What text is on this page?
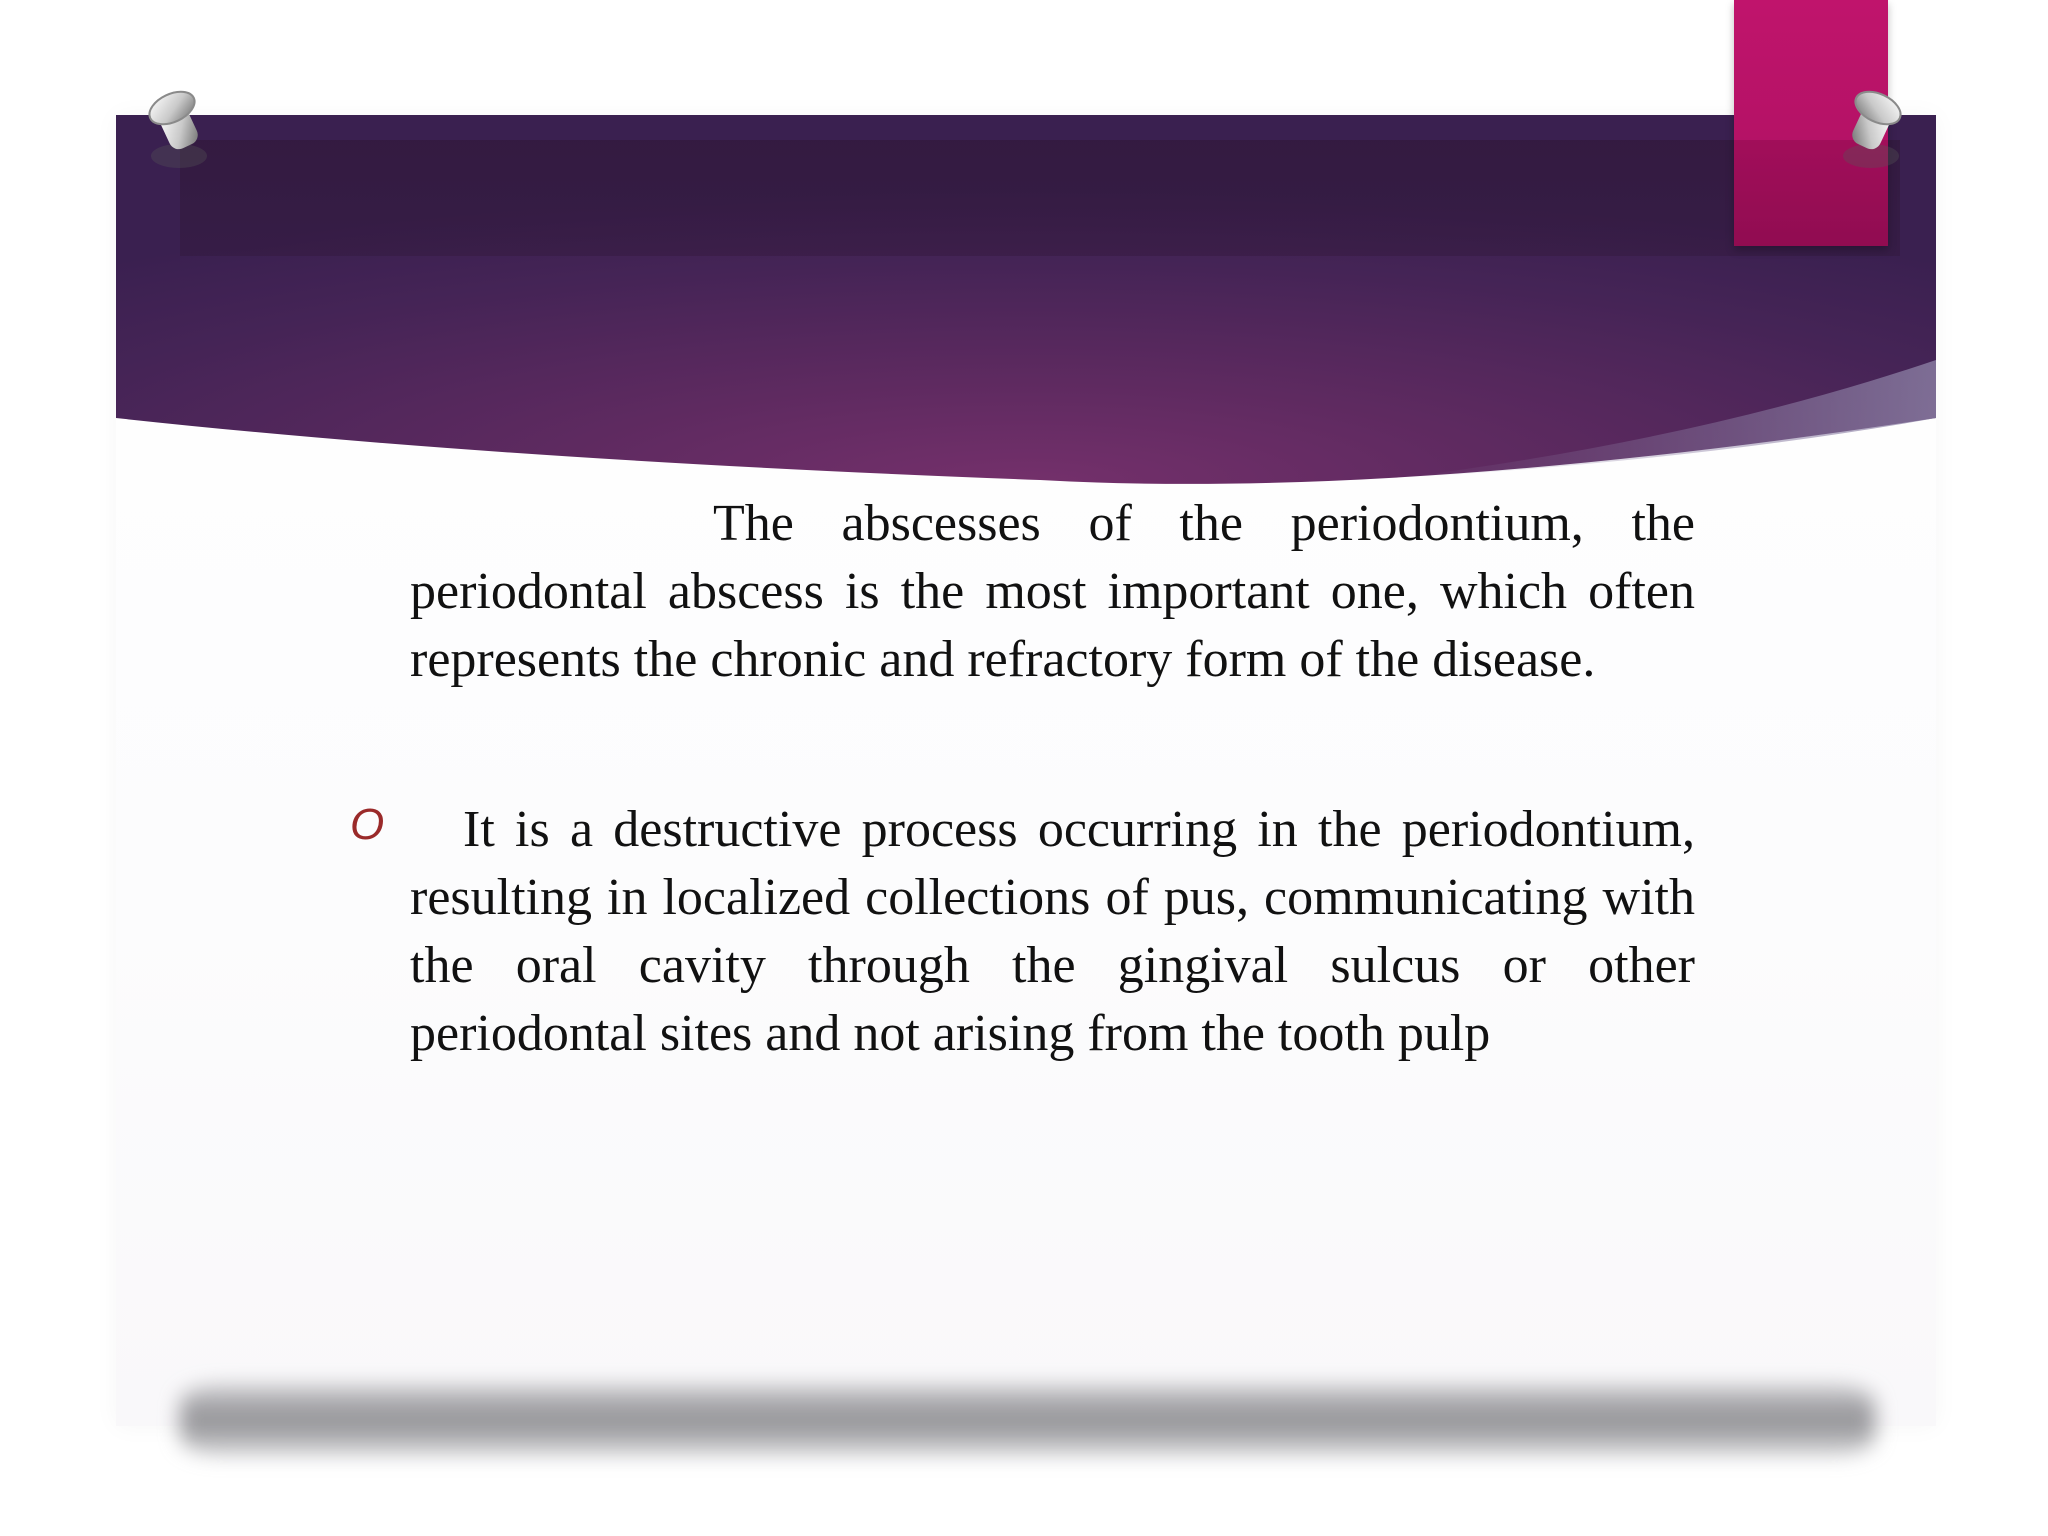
The abscesses of the periodontium, the periodontal abscess is the most important one, which often represents the chronic and refractory form of the disease.

O It is a destructive process occurring in the periodontium, resulting in localized collections of pus, communicating with the oral cavity through the gingival sulcus or other periodontal sites and not arising from the tooth pulp
